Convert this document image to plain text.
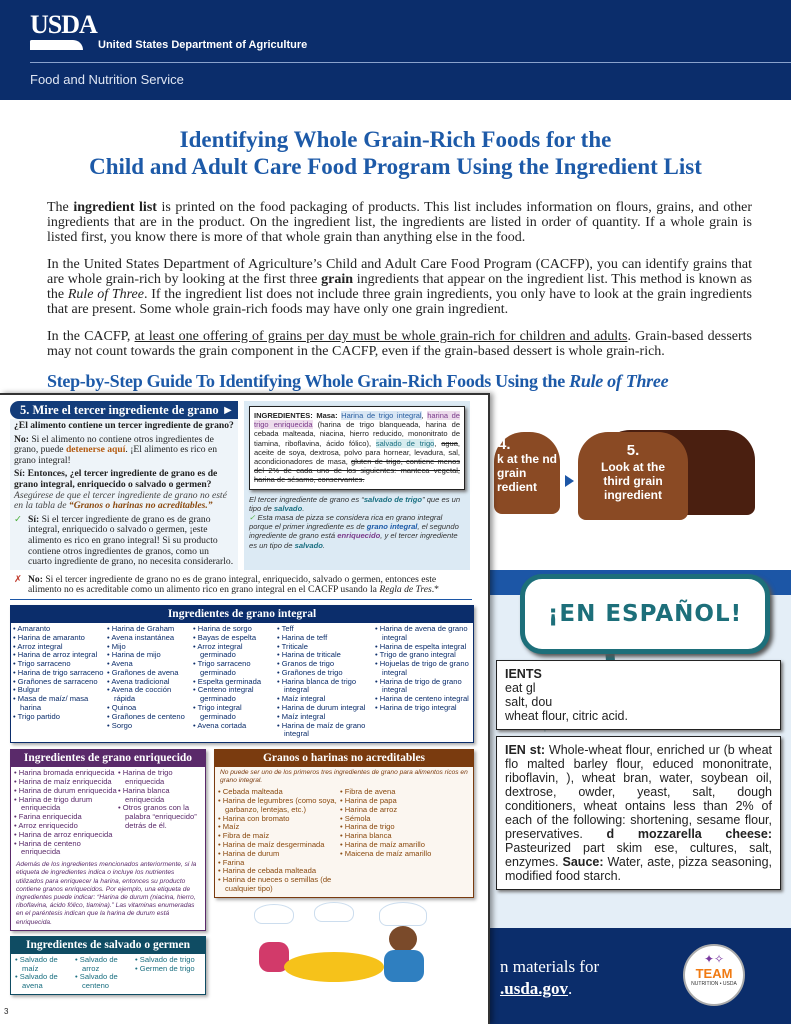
USDA
United States Department of Agriculture
Food and Nutrition Service
Identifying Whole Grain-Rich Foods for the
Child and Adult Care Food Program Using the Ingredient List
The ingredient list is printed on the food packaging of products. This list includes information on flours, grains, and other ingredients that are in the product. On the ingredient list, the ingredients are listed in order of quantity. If a whole grain is listed first, you know there is more of that whole grain than anything else in the food.
In the United States Department of Agriculture’s Child and Adult Care Food Program (CACFP), you can identify grains that are whole grain-rich by looking at the first three grain ingredients that appear on the ingredient list. This method is known as the Rule of Three. If the ingredient list does not include three grain ingredients, you only have to look at the grain ingredients that are present. Some whole grain-rich foods may have only one grain ingredient.
In the CACFP, at least one offering of grains per day must be whole grain-rich for children and adults. Grain-based desserts may not count towards the grain component in the CACFP, even if the grain-based dessert is whole grain-rich.
Step-by-Step Guide To Identifying Whole Grain-Rich Foods Using the Rule of Three
4.
k at the nd grain redient
5.
Look at the third grain ingredient
IENTS
eat gl
salt, dou
wheat flour, citric acid.
IEN st: Whole-wheat flour, enriched ur (b wheat flo malted barley flour, educed mononitrate, riboflavin, ), wheat bran, water, soybean oil, dextrose, owder, yeast, salt, dough conditioners, wheat ontains less than 2% of each of the following: shortening, sesame flour, preservatives. d mozzarella cheese: Pasteurized part skim ese, cultures, salt, enzymes. Sauce: Water, aste, pizza seasoning, modified food starch.
n materials for
.usda.gov.
✦✧
TEAM
NUTRITION • USDA
5. Mire el tercer ingrediente de grano ►
¿El alimento contiene un tercer ingrediente de grano?

No: Si el alimento no contiene otros ingredientes de grano, puede detenerse aquí. ¡El alimento es rico en grano integral!

Sí: Entonces, ¿el tercer ingrediente de grano es de grano integral, enriquecido o salvado o germen? Asegúrese de que el tercer ingrediente de grano no esté en la tabla de “Granos o harinas no acreditables.”

✓ Sí: Si el tercer ingrediente de grano es de grano integral, enriquecido o salvado o germen, ¡este alimento es rico en grano integral! Si su producto contiene otros ingredientes de granos, como un cuarto ingrediente de grano, no necesita considerarlo.

INGREDIENTES: Masa: Harina de trigo integral, harina de trigo enriquecida (harina de trigo blanqueada, harina de cebada malteada, niacina, hierro reducido, mononitrato de tiamina, riboflavina, ácido fólico), salvado de trigo, agua, aceite de soya, dextrosa, polvo para hornear, levadura, sal, acondicionadores de masa, gluten de trigo, contiene menos del 2% de cada uno de los siguientes: manteca vegetal, harina de sésamo, conservantes.
El tercer ingrediente de grano es “salvado de trigo” que es un tipo de salvado.
✓ Esta masa de pizza se considera rica en grano integral porque el primer ingrediente es de grano integral, el segundo ingrediente de grano está enriquecido, y el tercer ingrediente es un tipo de salvado.
✗ No: Si el tercer ingrediente de grano no es de grano integral, enriquecido, salvado o germen, entonces este alimento no es acreditable como un alimento rico en grano integral en el CACFP usando la Regla de Tres.*
Ingredientes de grano integral
• Amaranto
• Harina de amaranto
• Arroz integral
• Harina de arroz integral
• Trigo sarraceno
• Harina de trigo sarraceno
• Grañones de sarraceno
• Bulgur
• Masa de maíz/ masa harina
• Trigo partido
• Harina de Graham
• Avena instantánea
• Mijo
• Harina de mijo
• Avena
• Grañones de avena
• Avena tradicional
• Avena de cocción rápida
• Quinoa
• Grañones de centeno
• Sorgo
• Harina de sorgo
• Bayas de espelta
• Arroz integral germinado
• Trigo sarraceno germinado
• Espelta germinada
• Centeno integral germinado
• Trigo integral germinado
• Avena cortada
• Teff
• Harina de teff
• Triticale
• Harina de triticale
• Granos de trigo
• Grañones de trigo
• Harina blanca de trigo integral
• Maíz integral
• Harina de durum integral
• Maíz integral
• Harina de maíz de grano integral
• Harina de avena de grano integral
• Harina de espelta integral
• Trigo de grano integral
• Hojuelas de trigo de grano integral
• Harina de trigo de grano integral
• Harina de centeno integral
• Harina de trigo integral
Ingredientes de grano enriquecido
• Harina bromada enriquecida
• Harina de maíz enriquecida
• Harina de durum enriquecida
• Harina de trigo durum enriquecida
• Farina enriquecida
• Arroz enriquecido
• Harina de arroz enriquecida
• Harina de centeno enriquecida
• Harina de trigo enriquecida
• Harina blanca enriquecida
• Otros granos con la palabra “enriquecido” detrás de él.
Además de los ingredientes mencionados anteriormente, si la etiqueta de ingredientes indica o incluye los nutrientes utilizados para enriquecer la harina, entonces su producto contiene granos enriquecidos. Por ejemplo, una etiqueta de ingredientes puede indicar: “Harina de durum (niacina, hierro, riboflavina, ácido fólico, tiamina).” Las vitaminas enumeradas en el paréntesis indican que la harina de durum está enriquecida.
Ingredientes de salvado o germen
• Salvado de maíz
• Salvado de avena
• Salvado de arroz
• Salvado de centeno
• Salvado de trigo
• Germen de trigo
Granos o harinas no acreditables
No puede ser uno de los primeros tres ingredientes de grano para alimentos ricos en grano integral.
• Cebada malteada
• Harina de legumbres (como soya, garbanzo, lentejas, etc.)
• Harina con bromato
• Maíz
• Fibra de maíz
• Harina de maíz desgerminada
• Harina de durum
• Farina
• Harina de cebada malteada
• Harina de nueces o semillas (de cualquier tipo)
• Fibra de avena
• Harina de papa
• Harina de arroz
• Sémola
• Harina de trigo
• Harina blanca
• Harina de maíz amarillo
• Maicena de maíz amarillo
3
¡EN ESPAÑOL!
